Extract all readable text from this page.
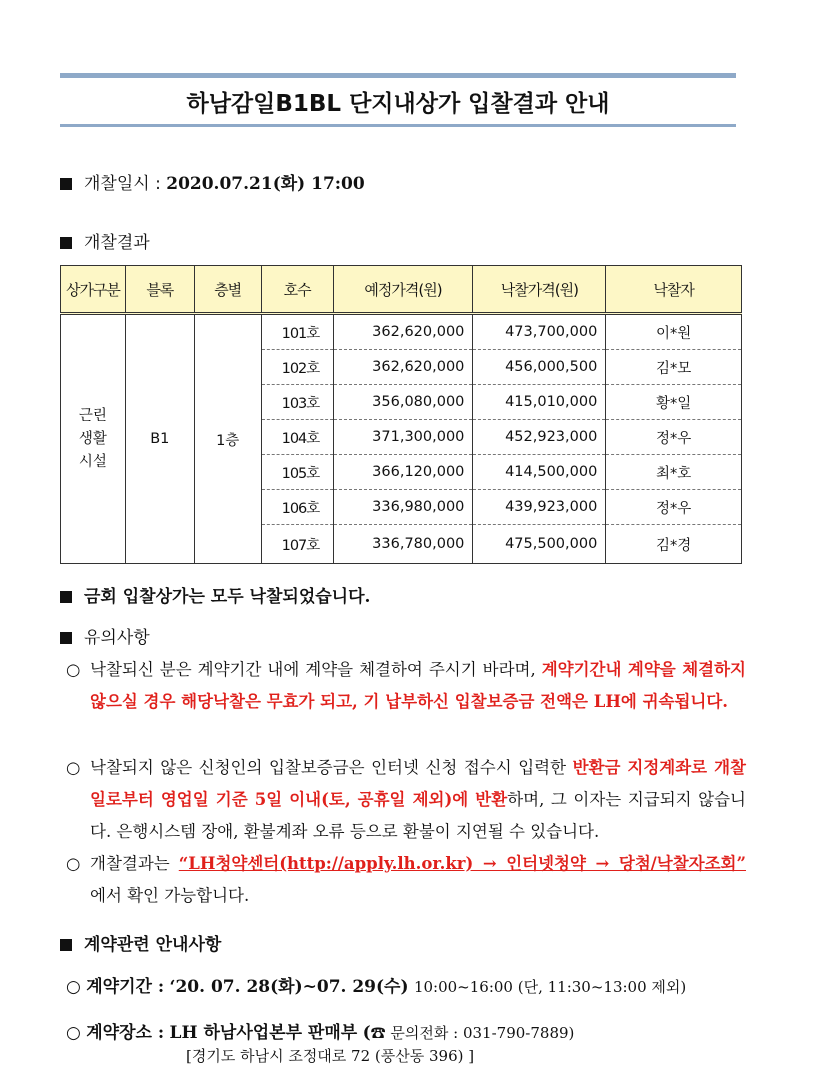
하남감일B1BL 단지내상가 입찰결과 안내
개찰일시 : 2020.07.21(화) 17:00
개찰결과
상가구분	블록	층별	호수	예정가격(원)	낙찰가격(원)	낙찰자

근린
생활
시설	B1	1층	101호	362,620,000	473,700,000	이*원
			102호	362,620,000	456,000,500	김*모
			103호	356,080,000	415,010,000	황*일
			104호	371,300,000	452,923,000	정*우
			105호	366,120,000	414,500,000	최*호
			106호	336,980,000	439,923,000	정*우
			107호	336,780,000	475,500,000	김*경
금회 입찰상가는 모두 낙찰되었습니다.
유의사항
○ 낙찰되신 분은 계약기간 내에 계약을 체결하여 주시기 바라며, 계약기간내 계약을 체결하지 않으실 경우 해당낙찰은 무효가 되고, 기 납부하신 입찰보증금 전액은 LH에 귀속됩니다.
○ 낙찰되지 않은 신청인의 입찰보증금은 인터넷 신청 접수시 입력한 반환금 지정계좌로 개찰일로부터 영업일 기준 5일 이내(토, 공휴일 제외)에 반환하며, 그 이자는 지급되지 않습니다. 은행시스템 장애, 환불계좌 오류 등으로 환불이 지연될 수 있습니다.
○ 개찰결과는 “LH청약센터(http://apply.lh.or.kr) → 인터넷청약 → 당첨/낙찰자조회” 에서 확인 가능합니다.
계약관련 안내사항
○ 계약기간 : ‘20. 07. 28(화)~07. 29(수) 10:00~16:00 (단, 11:30~13:00 제외)
○ 계약장소 : LH 하남사업본부 판매부 (☎ 문의전화 : 031-790-7889)
[경기도 하남시 조정대로 72 (풍산동 396) ]
